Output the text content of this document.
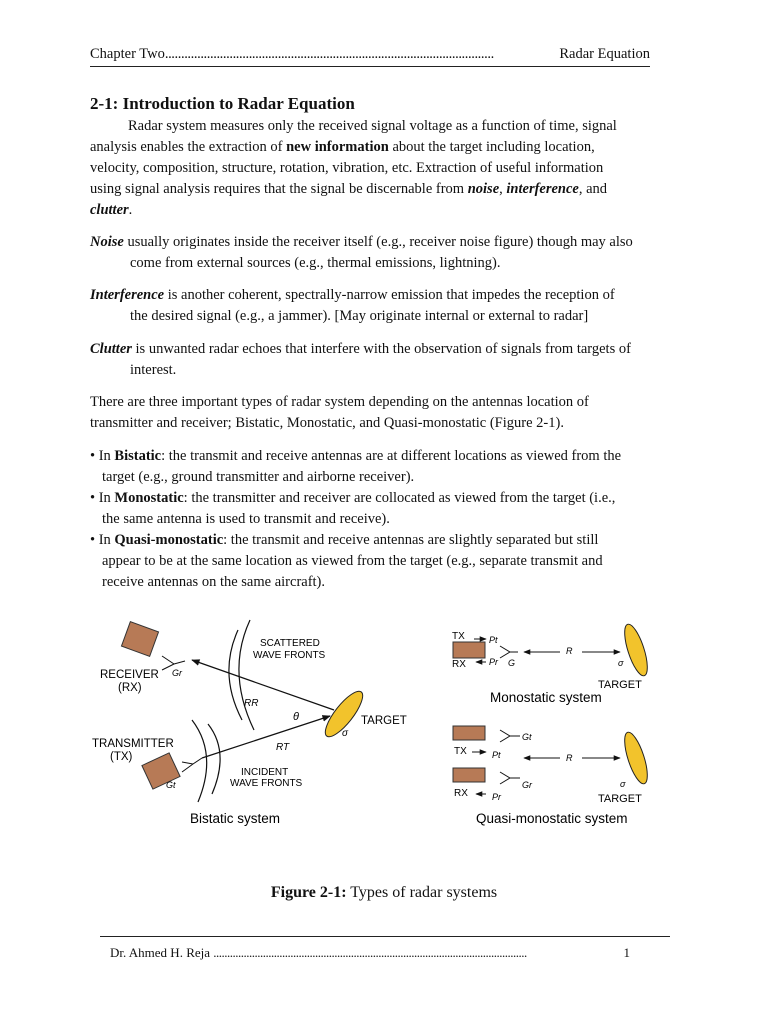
Chapter Two......................................................................................................	Radar Equation
2-1: Introduction to Radar Equation
Radar system measures only the received signal voltage as a function of time, signal
analysis enables the extraction of new information about the target including location,
velocity, composition, structure, rotation, vibration, etc. Extraction of useful information
using signal analysis requires that the signal be discernable from noise, interference, and
clutter.
Noise usually originates inside the receiver itself (e.g., receiver noise figure) though may also
come from external sources (e.g., thermal emissions, lightning).
Interference is another coherent, spectrally-narrow emission that impedes the reception of
the desired signal (e.g., a jammer). [May originate internal or external to radar]
Clutter is unwanted radar echoes that interfere with the observation of signals from targets of
interest.
There are three important types of radar system depending on the antennas location of
transmitter and receiver; Bistatic, Monostatic, and Quasi-monostatic (Figure 2-1).
• In Bistatic: the transmit and receive antennas are at different locations as viewed from the
target (e.g., ground transmitter and airborne receiver).
• In Monostatic: the transmitter and receiver are collocated as viewed from the target (i.e.,
the same antenna is used to transmit and receive).
• In Quasi-monostatic: the transmit and receive antennas are slightly separated but still
appear to be at the same location as viewed from the target (e.g., separate transmit and
receive antennas on the same aircraft).
SCATTERED
WAVE FRONTS
RECEIVER
(RX)
Gr
TRANSMITTER
(TX)
Gt
RR
RT
θ	TARGET
σ
INCIDENT
WAVE FRONTS
Bistatic system
TX
RX
Pt
Pr G
R
σ
TARGET
Monostatic system
TX
RX
Pt
Pr
Gt
Gr
R
σ
TARGET
Quasi-monostatic system
Figure 2-1: Types of radar systems
Dr. Ahmed H. Reja ..................................................................................................................	1
